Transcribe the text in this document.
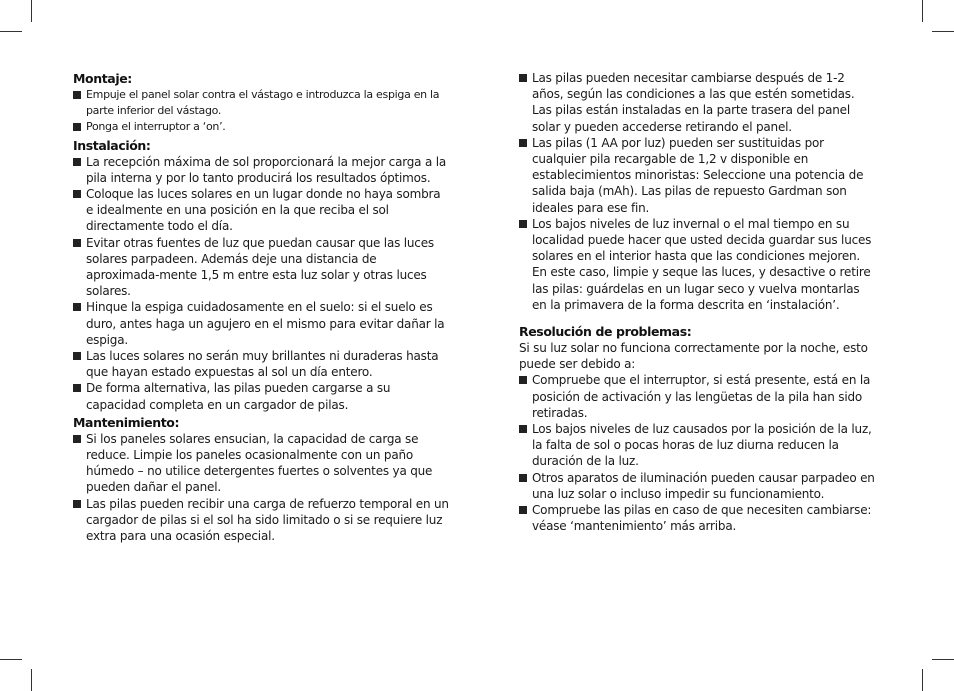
Montaje:
Empuje el panel solar contra el vástago e introduzca la espiga en la parte inferior del vástago.
Ponga el interruptor a ‘on’.
Instalación:
La recepción máxima de sol proporcionará la mejor carga a la pila interna y por lo tanto producirá los resultados óptimos.
Coloque las luces solares en un lugar donde no haya sombra e idealmente en una posición en la que reciba el sol directamente todo el día.
Evitar otras fuentes de luz que puedan causar que las luces solares parpadeen. Además deje una distancia de aproximada-mente 1,5 m entre esta luz solar y otras luces solares.
Hinque la espiga cuidadosamente en el suelo: si el suelo es duro, antes haga un agujero en el mismo para evitar dañar la espiga.
Las luces solares no serán muy brillantes ni duraderas hasta que hayan estado expuestas al sol un día entero.
De forma alternativa, las pilas pueden cargarse a su capacidad completa en un cargador de pilas.
Mantenimiento:
Si los paneles solares ensucian, la capacidad de carga se reduce. Limpie los paneles ocasionalmente con un paño húmedo – no utilice detergentes fuertes o solventes ya que pueden dañar el panel.
Las pilas pueden recibir una carga de refuerzo temporal en un cargador de pilas si el sol ha sido limitado o si se requiere luz extra para una ocasión especial.
Las pilas pueden necesitar cambiarse después de 1-2 años, según las condiciones a las que estén sometidas. Las pilas están instaladas en la parte trasera del panel solar y pueden accederse retirando el panel.
Las pilas (1 AA por luz) pueden ser sustituidas por cualquier pila recargable de 1,2 v disponible en establecimientos minoristas: Seleccione una potencia de salida baja (mAh). Las pilas de repuesto Gardman son ideales para ese fin.
Los bajos niveles de luz invernal o el mal tiempo en su localidad puede hacer que usted decida guardar sus luces solares en el interior hasta que las condiciones mejoren. En este caso, limpie y seque las luces, y desactive o retire las pilas: guárdelas en un lugar seco y vuelva montarlas en la primavera de la forma descrita en ‘instalación’.
Resolución de problemas:

Si su luz solar no funciona correctamente por la noche, esto puede ser debido a:

Compruebe que el interruptor, si está presente, está en la posición de activación y las lengüetas de la pila han sido retiradas.
Los bajos niveles de luz causados por la posición de la luz, la falta de sol o pocas horas de luz diurna reducen la duración de la luz.
Otros aparatos de iluminación pueden causar parpadeo en una luz solar o incluso impedir su funcionamiento.
Compruebe las pilas en caso de que necesiten cambiarse: véase ‘mantenimiento’ más arriba.
